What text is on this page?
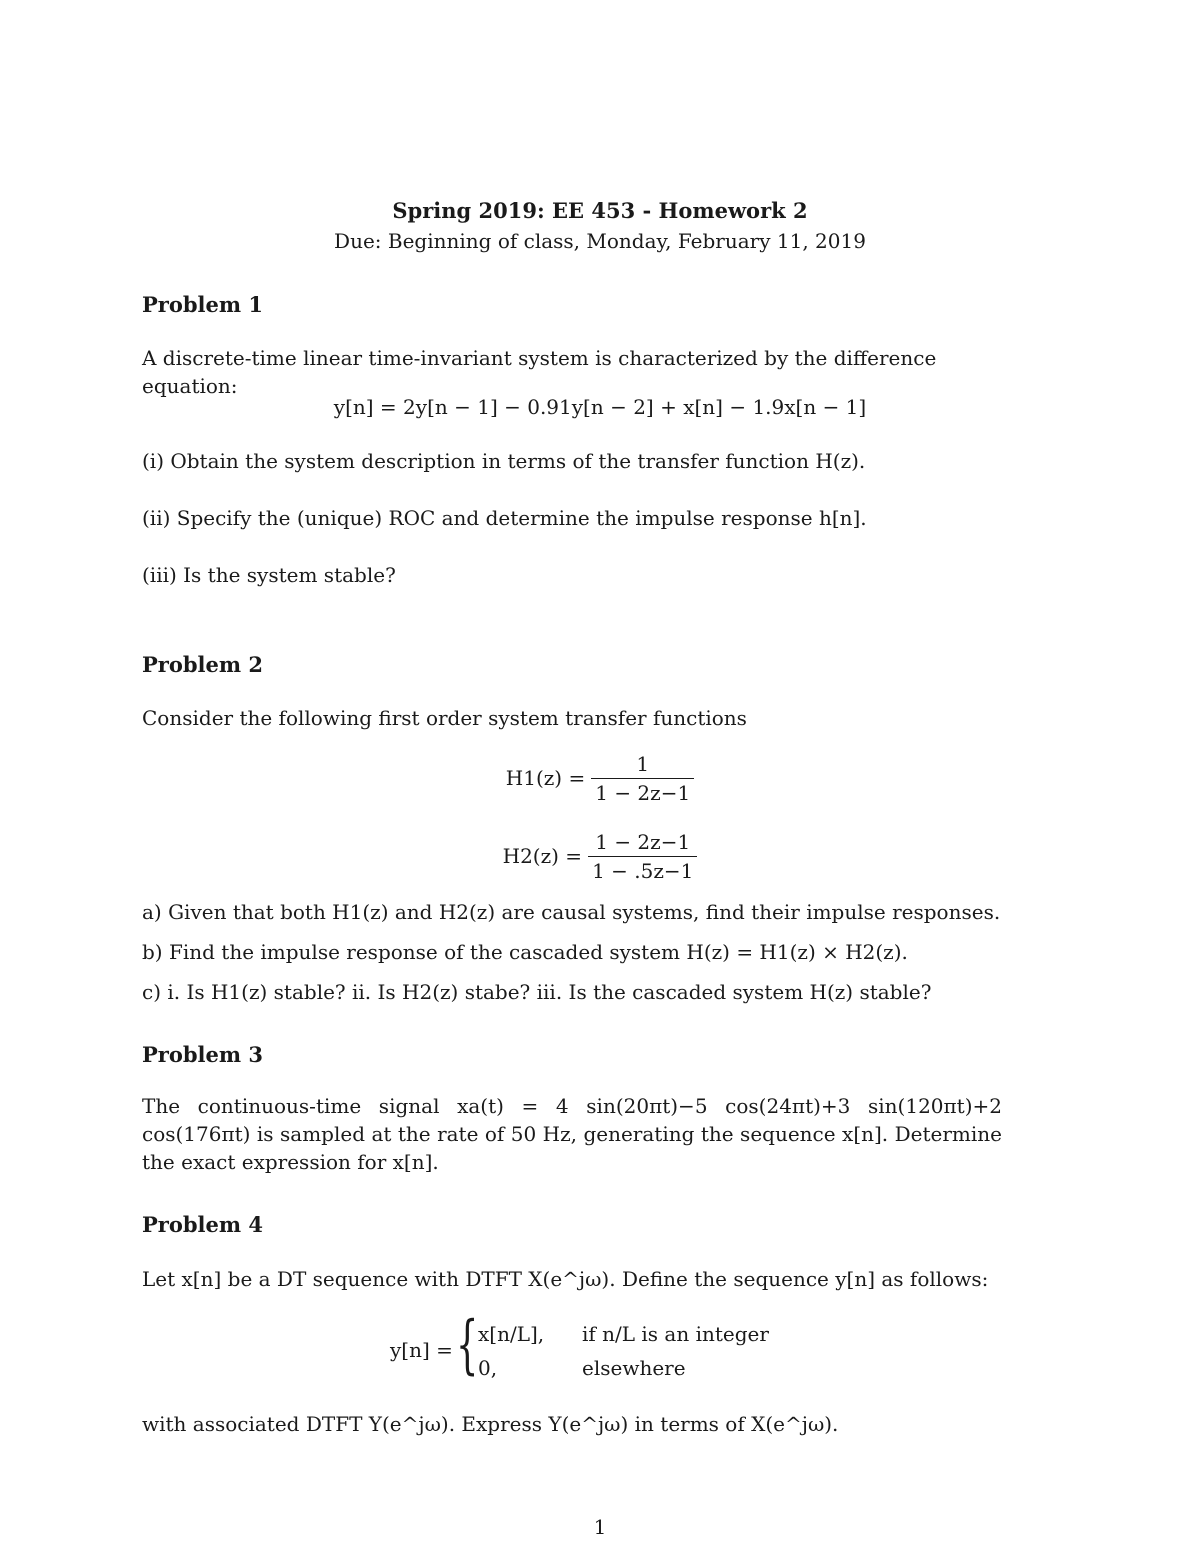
Spring 2019: EE 453 - Homework 2
Due: Beginning of class, Monday, February 11, 2019
Problem 1
A discrete-time linear time-invariant system is characterized by the difference equation:
y[n] = 2y[n − 1] − 0.91y[n − 2] + x[n] − 1.9x[n − 1]
(i) Obtain the system description in terms of the transfer function H(z).
(ii) Specify the (unique) ROC and determine the impulse response h[n].
(iii) Is the system stable?
Problem 2
Consider the following first order system transfer functions
$H1(z) = \frac{1}{1 - 2z-1}$
$H2(z) = \frac{1 - 2z-1}{1 - .5z-1}$
a) Given that both H1(z) and H2(z) are causal systems, find their impulse responses.
b) Find the impulse response of the cascaded system H(z) = H1(z) × H2(z).
c) i. Is H1(z) stable? ii. Is H2(z) stabe? iii. Is the cascaded system H(z) stable?
Problem 3
The continuous-time signal xa(t) = 4 sin(20πt)−5 cos(24πt)+3 sin(120πt)+2 cos(176πt) is sampled at the rate of 50 Hz, generating the sequence x[n]. Determine the exact expression for x[n].
Problem 4
Let x[n] be a DT sequence with DTFT X(e^jω). Define the sequence y[n] as follows:
y[n] = { x[n/L], if n/L is an integer
0,	elsewhere
with associated DTFT Y(e^jω). Express Y(e^jω) in terms of X(e^jω).
1
